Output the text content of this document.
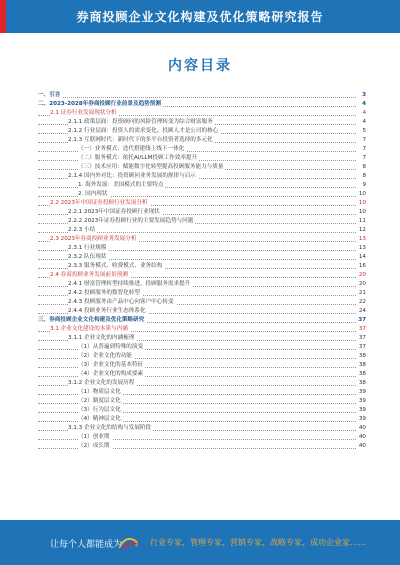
券商投顾企业文化构建及优化策略研究报告
内容目录
一、引言	3
二、2023-2028年券商投顾行业前景及趋势预测	4
2.1 证券行业发展现状分析	4
2.1.1 政策层面：投资顾问的风险管理转变为综合财富服务	4
2.1.2 行业层面：投资人的需求变化，投顾人才是公司的核心	5
2.1.3 互联网时代：新时代下的多平台投资者选择的多元化	7
（一）业务模式：迭代搭建线上线下一体化	7
（二）服务模式：依托AI/LLM投顾工作效率提升	7
（三）技术应用：赋能数字化转型提高投顾服务能力与质量	8
2.1.4 国内外对比：投资顾问业务发展的规律与启示	8
1. 海外发展：美国模式的主要特点	9
2. 国内现状	10
2.2 2023年中国证券投顾行业发展分析	10
2.2.1 2023年中国证券投顾行业现状	10
2.2.2 2023年证券投顾行业的主要发展趋势与问题	11
2.2.3 小结	12
2.3 2023年券商投顾业务发展分析	13
2.3.1 行业规模	13
2.3.2 队伍现状	14
2.3.3 服务模式、收费模式、业务结构	16
2.4 券商投顾业务发展前景预测	20
2.4.1 财富管理转型持续推进，投顾服务需求提升	20
2.4.2 投顾服务的数智化转型	21
2.4.3 投顾服务由产品中心向客户中心转变	22
2.4.4 投顾业务行业生态体系化	24
三、券商投顾企业文化构建及优化策略研究	37
3.1 企业文化建设的本质与内涵	37
3.1.1 企业文化的内涵梳理	37
（1）从普遍到特殊的演变	37
（2）企业文化的功能	38
（3）企业文化的基本特征	38
（4）企业文化的构成要素	38
3.1.2 企业文化的发展历程	38
（1）物质层文化	39
（2）制度层文化	39
（3）行为层文化	39
（4）精神层文化	39
3.1.3 企业文化的结构与发展阶段	40
（1）创业期	40
（2）成长期	40
让每个人都能成为	行业专家、管理专家、营销专家、战略专家、成功企业家……
